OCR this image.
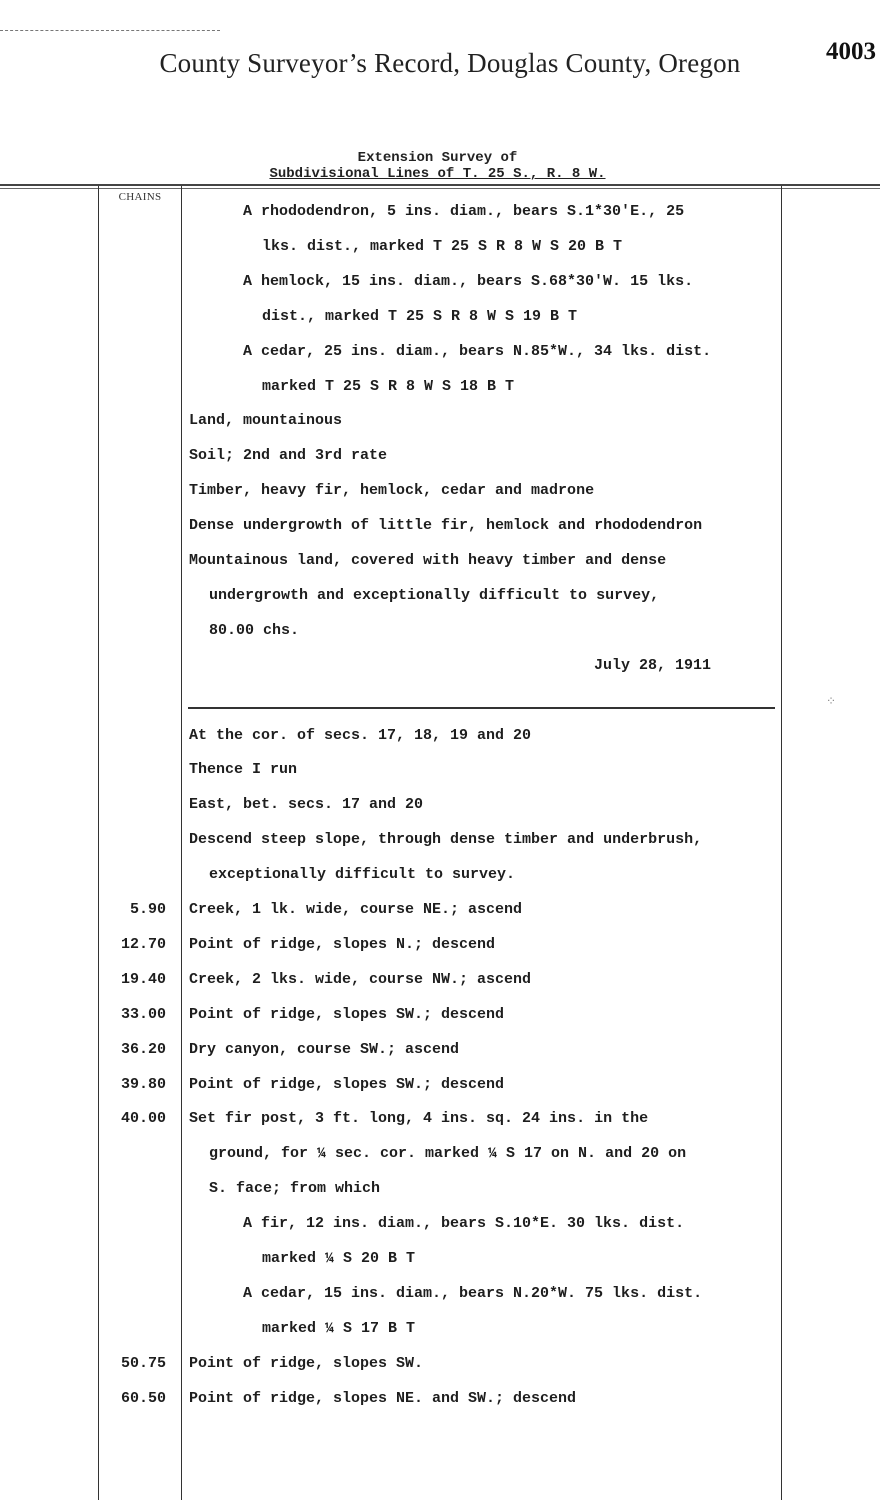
County Surveyor’s Record, Douglas County, Oregon	4003
Extension Survey of
Subdivisional Lines of T. 25 S., R. 8 W.
CHAINS
A rhododendron, 5 ins. diam., bears S.1*30'E., 25
lks. dist., marked T 25 S R 8 W S 20 B T
A hemlock, 15 ins. diam., bears S.68*30'W. 15 lks.
dist., marked T 25 S R 8 W S 19 B T
A cedar, 25 ins. diam., bears N.85*W., 34 lks. dist.
marked T 25 S R 8 W S 18 B T
Land, mountainous
Soil; 2nd and 3rd rate
Timber, heavy fir, hemlock, cedar and madrone
Dense undergrowth of little fir, hemlock and rhododendron
Mountainous land, covered with heavy timber and dense
undergrowth and exceptionally difficult to survey,
80.00 chs.
July 28, 1911
At the cor. of secs. 17, 18, 19 and 20
Thence I run
East, bet. secs. 17 and 20
Descend steep slope, through dense timber and underbrush,
exceptionally difficult to survey.
5.90 Creek, 1 lk. wide, course NE.; ascend
12.70 Point of ridge, slopes N.; descend
19.40 Creek, 2 lks. wide, course NW.; ascend
33.00 Point of ridge, slopes SW.; descend
36.20 Dry canyon, course SW.; ascend
39.80 Point of ridge, slopes SW.; descend
40.00 Set fir post, 3 ft. long, 4 ins. sq. 24 ins. in the
ground, for ¼ sec. cor. marked ¼ S 17 on N. and 20 on
S. face; from which
A fir, 12 ins. diam., bears S.10*E. 30 lks. dist.
marked ¼ S 20 B T
A cedar, 15 ins. diam., bears N.20*W. 75 lks. dist.
marked ¼ S 17 B T
50.75 Point of ridge, slopes SW.
60.50 Point of ridge, slopes NE. and SW.; descend
⁘
